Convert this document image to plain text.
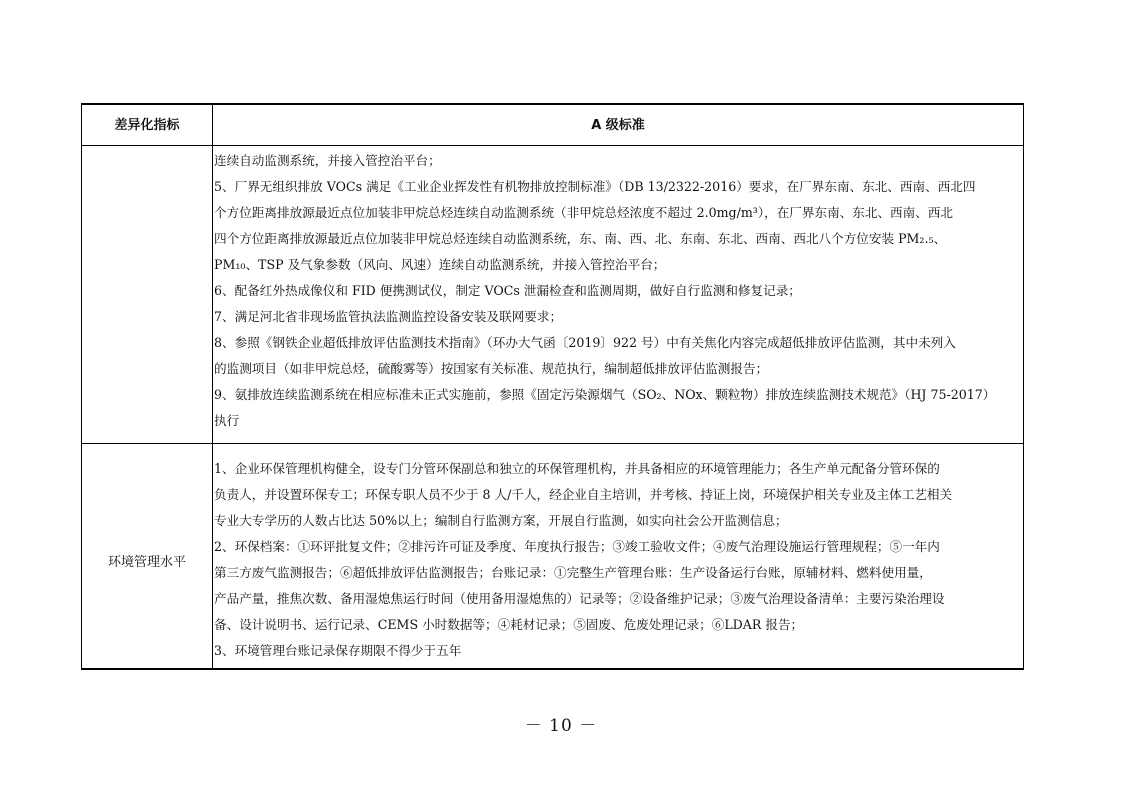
差异化指标	A 级标准
连续自动监测系统，并接入管控治平台；
5、厂界无组织排放 VOCs 满足《工业企业挥发性有机物排放控制标准》（DB 13/2322-2016）要求，在厂界东南、东北、西南、西北四
个方位距离排放源最近点位加装非甲烷总烃连续自动监测系统（非甲烷总烃浓度不超过 2.0mg/m³），在厂界东南、东北、西南、西北
四个方位距离排放源最近点位加装非甲烷总烃连续自动监测系统，东、南、西、北、东南、东北、西南、西北八个方位安装 PM₂.₅、
PM₁₀、TSP 及气象参数（风向、风速）连续自动监测系统，并接入管控治平台；
6、配备红外热成像仪和 FID 便携测试仪，制定 VOCs 泄漏检查和监测周期，做好自行监测和修复记录；
7、满足河北省非现场监管执法监测监控设备安装及联网要求；
8、参照《钢铁企业超低排放评估监测技术指南》（环办大气函〔2019〕922 号）中有关焦化内容完成超低排放评估监测，其中未列入
的监测项目（如非甲烷总烃，硫酸雾等）按国家有关标准、规范执行，编制超低排放评估监测报告；
9、氨排放连续监测系统在相应标准未正式实施前，参照《固定污染源烟气（SO₂、NOx、颗粒物）排放连续监测技术规范》（HJ 75-2017）
执行
环境管理水平
1、企业环保管理机构健全，设专门分管环保副总和独立的环保管理机构，并具备相应的环境管理能力；各生产单元配备分管环保的
负责人，并设置环保专工；环保专职人员不少于 8 人/千人，经企业自主培训，并考核、持证上岗，环境保护相关专业及主体工艺相关
专业大专学历的人数占比达 50%以上；编制自行监测方案，开展自行监测，如实向社会公开监测信息；
2、环保档案：①环评批复文件；②排污许可证及季度、年度执行报告；③竣工验收文件；④废气治理设施运行管理规程；⑤一年内
第三方废气监测报告；⑥超低排放评估监测报告；台账记录：①完整生产管理台账：生产设备运行台账，原辅材料、燃料使用量，
产品产量，推焦次数、备用湿熄焦运行时间（使用备用湿熄焦的）记录等；②设备维护记录；③废气治理设备清单：主要污染治理设
备、设计说明书、运行记录、CEMS 小时数据等；④耗材记录；⑤固废、危废处理记录；⑥LDAR 报告；
3、环境管理台账记录保存期限不得少于五年
－ 10 －
